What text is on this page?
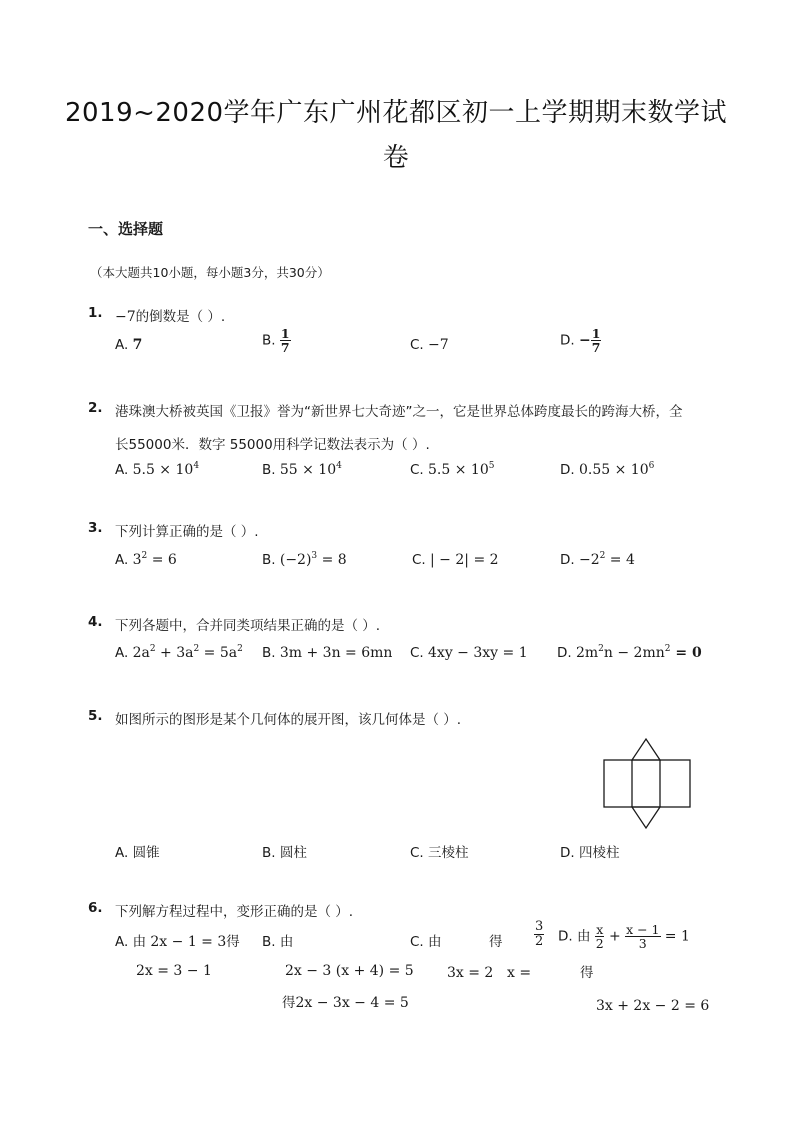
2019~2020学年广东广州花都区初一上学期期末数学试
卷
一、选择题
（本大题共10小题，每小题3分，共30分）
1. −7的倒数是（ ）.
A. 7	B. $\frac{1}{7}$	C. −7	D. − $\frac{1}{7}$
2. 港珠澳大桥被英国《卫报》誉为“新世界七大奇迹”之一，它是世界总体跨度最长的跨海大桥，全
长55000米．数字 55000用科学记数法表示为（ ）.
A. $5.5 \times 10^4$	B. $55 \times 10^4$	C. $5.5 \times 10^5$	D. $0.55 \times 10^6$
3. 下列计算正确的是（ ）.
A. $3^2 = 6$	B. $(-2)^3 = 8$	C. | − 2| = 2	D. $-2^2 = 4$
4. 下列各题中，合并同类项结果正确的是（ ）.
A. $2a^2 + 3a^2 = 5a^2$ B. 3m + 3n = 6mn C. 4xy − 3xy = 1 D. $2m^2n - 2mn^2 = 0$
5. 如图所示的图形是某个几何体的展开图，该几何体是（ ）.
A. 圆锥	B. 圆柱	C. 三棱柱	D. 四棱柱
6. 下列解方程过程中，变形正确的是（ ）.
A. 由 2x − 1 = 3得
2x = 3 − 1
B. 由
2x − 3 (x + 4) = 5
得2x − 3x − 4 = 5
C. 由	得 $\frac{3}{2}$
3x = 2 x =
D. 由 $\frac{x}{2} + \frac{x - 1}{3} = 1$
得
3x + 2x − 2 = 6
